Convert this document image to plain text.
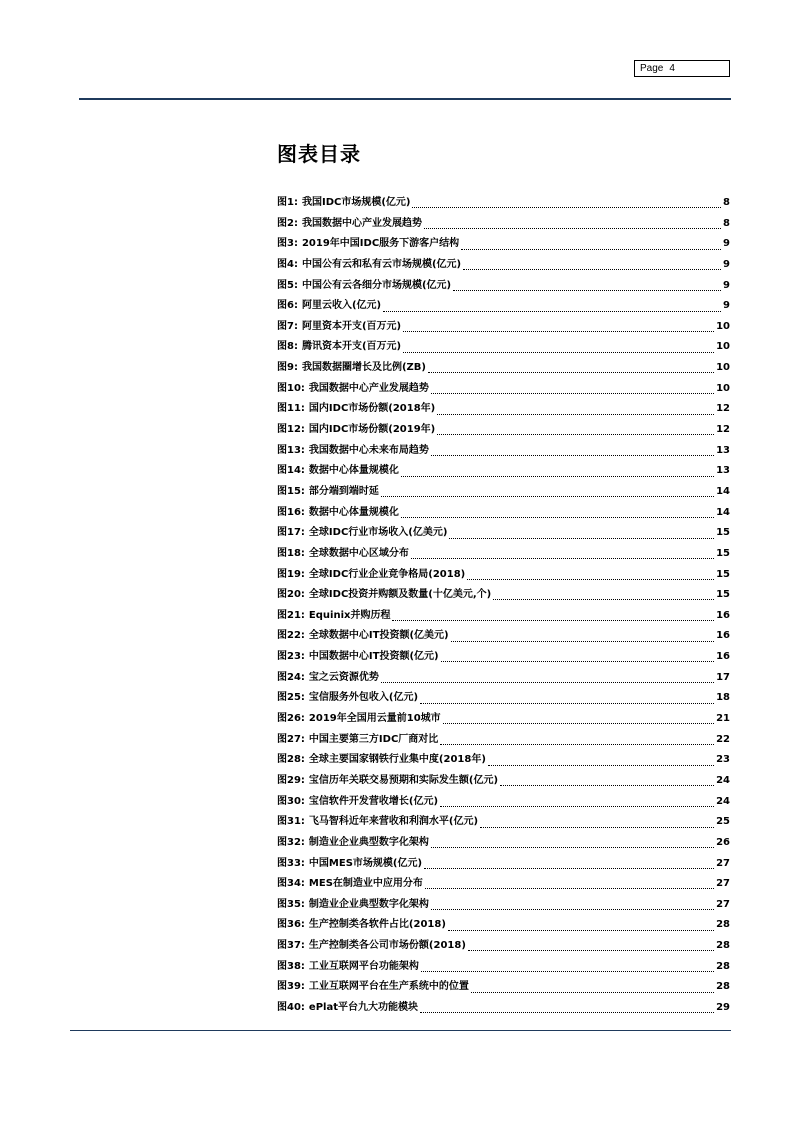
Page 4
图表目录
图1: 我国IDC市场规模(亿元)	8
图2: 我国数据中心产业发展趋势	8
图3: 2019年中国IDC服务下游客户结构	9
图4: 中国公有云和私有云市场规模(亿元)	9
图5: 中国公有云各细分市场规模(亿元)	9
图6: 阿里云收入(亿元)	9
图7: 阿里资本开支(百万元)	10
图8: 腾讯资本开支(百万元)	10
图9: 我国数据圈增长及比例(ZB)	10
图10: 我国数据中心产业发展趋势	10
图11: 国内IDC市场份额(2018年)	12
图12: 国内IDC市场份额(2019年)	12
图13: 我国数据中心未来布局趋势	13
图14: 数据中心体量规模化	13
图15: 部分端到端时延	14
图16: 数据中心体量规模化	14
图17: 全球IDC行业市场收入(亿美元)	15
图18: 全球数据中心区域分布	15
图19: 全球IDC行业企业竞争格局(2018)	15
图20: 全球IDC投资并购额及数量(十亿美元,个)	15
图21: Equinix并购历程	16
图22: 全球数据中心IT投资额(亿美元)	16
图23: 中国数据中心IT投资额(亿元)	16
图24: 宝之云资源优势	17
图25: 宝信服务外包收入(亿元)	18
图26: 2019年全国用云量前10城市	21
图27: 中国主要第三方IDC厂商对比	22
图28: 全球主要国家钢铁行业集中度(2018年)	23
图29: 宝信历年关联交易预期和实际发生额(亿元)	24
图30: 宝信软件开发营收增长(亿元)	24
图31: 飞马智科近年来营收和利润水平(亿元)	25
图32: 制造业企业典型数字化架构	26
图33: 中国MES市场规模(亿元)	27
图34: MES在制造业中应用分布	27
图35: 制造业企业典型数字化架构	27
图36: 生产控制类各软件占比(2018)	28
图37: 生产控制类各公司市场份额(2018)	28
图38: 工业互联网平台功能架构	28
图39: 工业互联网平台在生产系统中的位置	28
图40: ePlat平台九大功能模块	29
